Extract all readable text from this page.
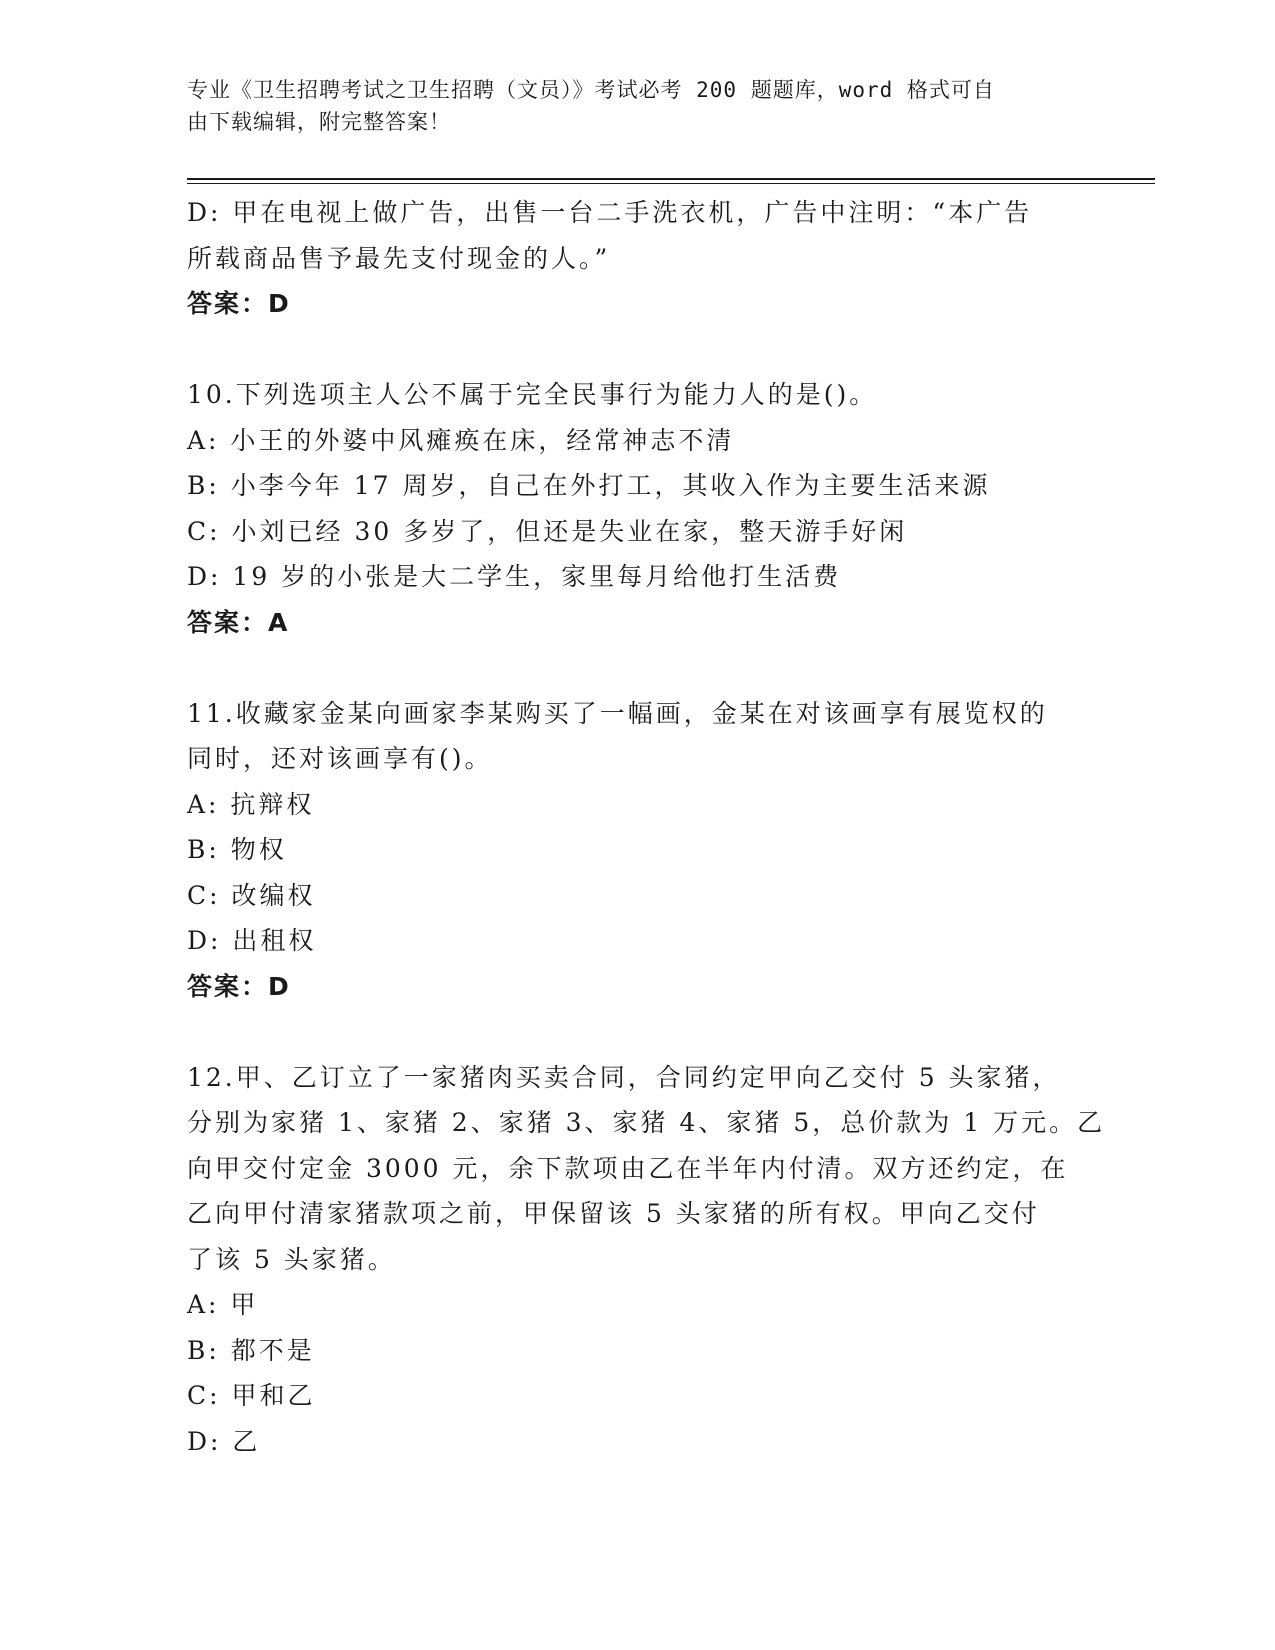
专业《卫生招聘考试之卫生招聘（文员）》考试必考 200 题题库，word 格式可自
由下载编辑，附完整答案！
D: 甲在电视上做广告，出售一台二手洗衣机，广告中注明：“本广告
所载商品售予最先支付现金的人。”
答案：D
10.下列选项主人公不属于完全民事行为能力人的是()。
A: 小王的外婆中风瘫痪在床，经常神志不清
B: 小李今年 17 周岁，自己在外打工，其收入作为主要生活来源
C: 小刘已经 30 多岁了，但还是失业在家，整天游手好闲
D: 19 岁的小张是大二学生，家里每月给他打生活费
答案：A
11.收藏家金某向画家李某购买了一幅画，金某在对该画享有展览权的
同时，还对该画享有()。
A: 抗辩权
B: 物权
C: 改编权
D: 出租权
答案：D
12.甲、乙订立了一家猪肉买卖合同，合同约定甲向乙交付 5 头家猪，
分别为家猪 1、家猪 2、家猪 3、家猪 4、家猪 5，总价款为 1 万元。乙
向甲交付定金 3000 元，余下款项由乙在半年内付清。双方还约定，在
乙向甲付清家猪款项之前，甲保留该 5 头家猪的所有权。甲向乙交付
了该 5 头家猪。
A: 甲
B: 都不是
C: 甲和乙
D: 乙
